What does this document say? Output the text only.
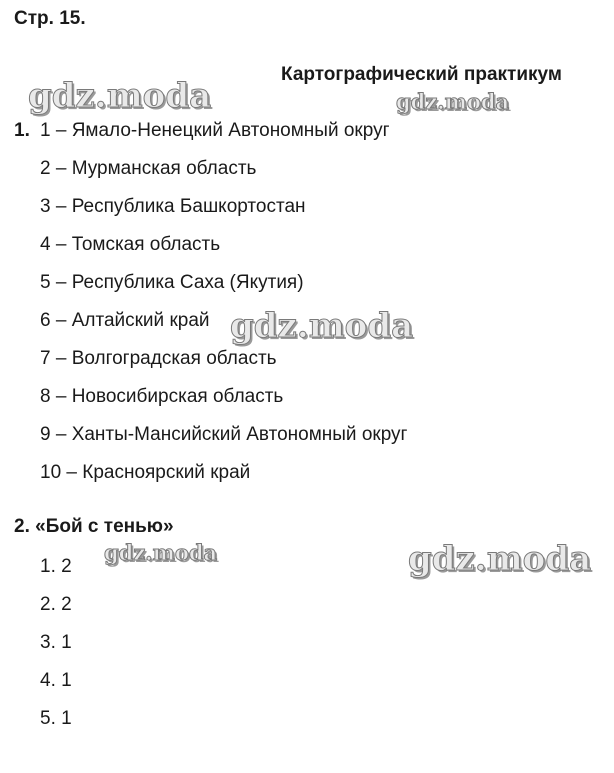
Стр. 15.
Картографический практикум
1. 1 – Ямало-Ненецкий Автономный округ
2 – Мурманская область
3 – Республика Башкортостан
4 – Томская область
5 – Республика Саха (Якутия)
6 – Алтайский край
7 – Волгоградская область
8 – Новосибирская область
9 – Ханты-Мансийский Автономный округ
10 – Красноярский край
2. «Бой с тенью»
1. 2
2. 2
3. 1
4. 1
5. 1
gdz.moda	gdz.moda
gdz.moda
gdz.moda	gdz.moda
